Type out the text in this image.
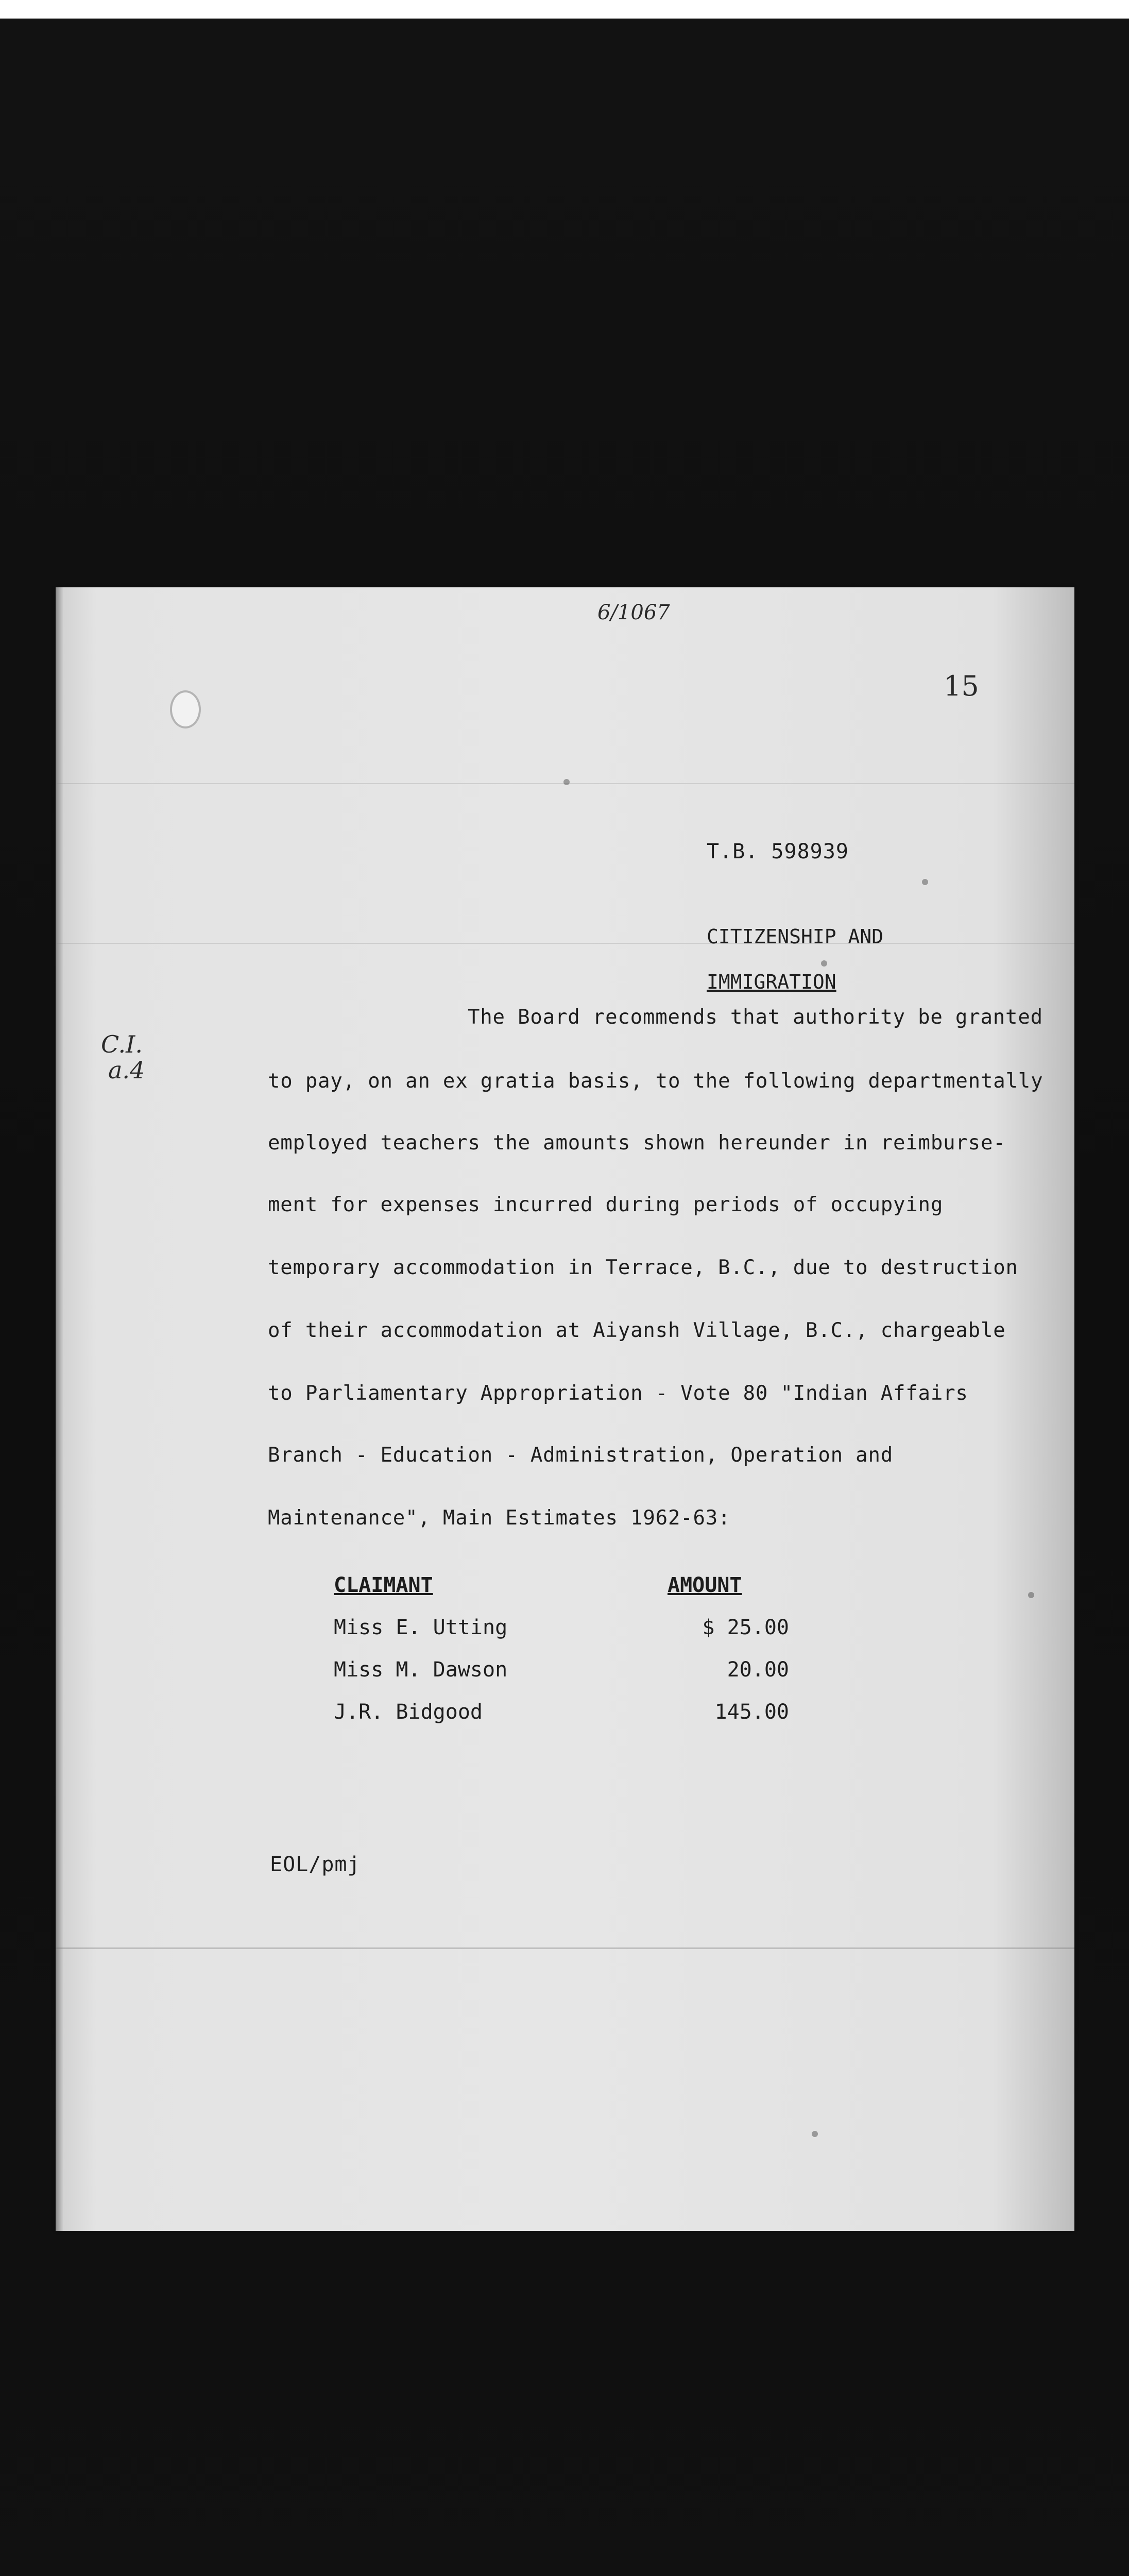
6/1067
15
C.I.
a.4
T.B. 598939

CITIZENSHIP AND

IMMIGRATION

The Board recommends that authority be granted
to pay, on an ex gratia basis, to the following departmentally
employed teachers the amounts shown hereunder in reimburse-
ment for expenses incurred during periods of occupying
temporary accommodation in Terrace, B.C., due to destruction
of their accommodation at Aiyansh Village, B.C., chargeable
to Parliamentary Appropriation - Vote 80 "Indian Affairs
Branch - Education - Administration, Operation and
Maintenance", Main Estimates 1962-63:
CLAIMANT	AMOUNT
Miss E. Utting	$ 25.00
Miss M. Dawson	20.00
J.R. Bidgood	145.00
EOL/pmj
